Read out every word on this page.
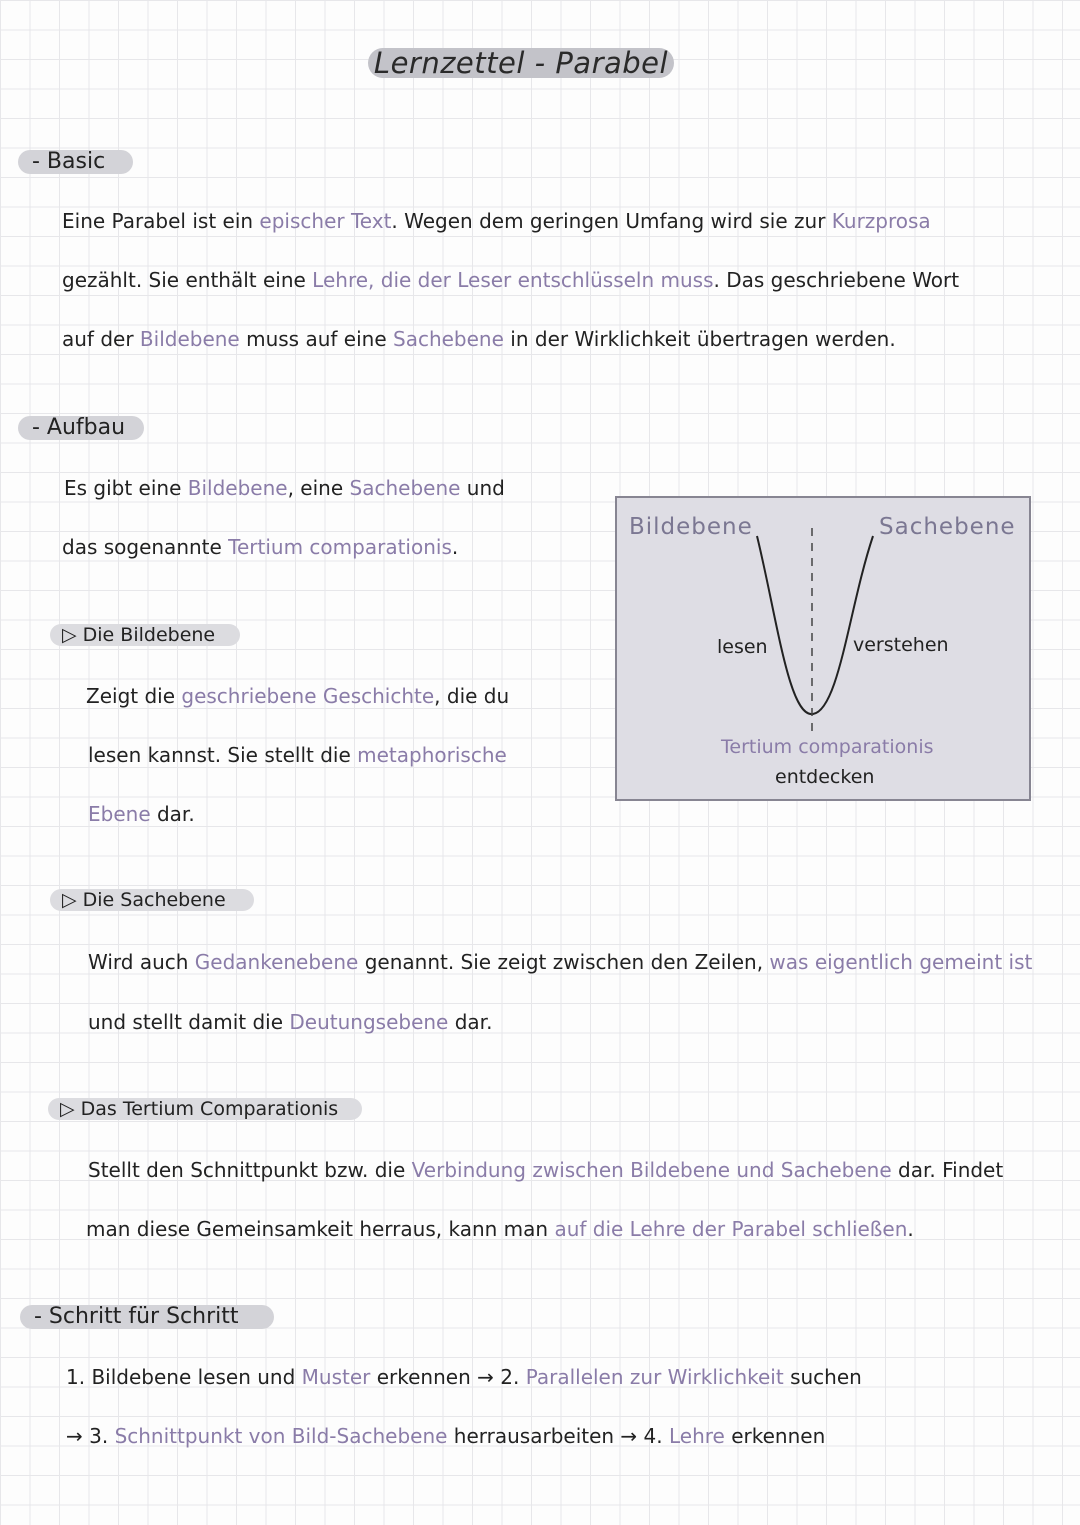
Lernzettel - Parabel
- Basic
Eine Parabel ist ein epischer Text. Wegen dem geringen Umfang wird sie zur Kurzprosa
gezählt. Sie enthält eine Lehre, die der Leser entschlüsseln muss. Das geschriebene Wort
auf der Bildebene muss auf eine Sachebene in der Wirklichkeit übertragen werden.
- Aufbau
Es gibt eine Bildebene, eine Sachebene und
das sogenannte Tertium comparationis.
Bildebene	Sachebene
lesen	verstehen
Tertium comparationis
entdecken
▷ Die Bildebene
Zeigt die geschriebene Geschichte, die du
lesen kannst. Sie stellt die metaphorische
Ebene dar.
▷ Die Sachebene
Wird auch Gedankenebene genannt. Sie zeigt zwischen den Zeilen, was eigentlich gemeint ist
und stellt damit die Deutungsebene dar.
▷ Das Tertium Comparationis
Stellt den Schnittpunkt bzw. die Verbindung zwischen Bildebene und Sachebene dar. Findet
man diese Gemeinsamkeit herraus, kann man auf die Lehre der Parabel schließen.
- Schritt für Schritt
1. Bildebene lesen und Muster erkennen → 2. Parallelen zur Wirklichkeit suchen
→ 3. Schnittpunkt von Bild-Sachebene herrausarbeiten → 4. Lehre erkennen
